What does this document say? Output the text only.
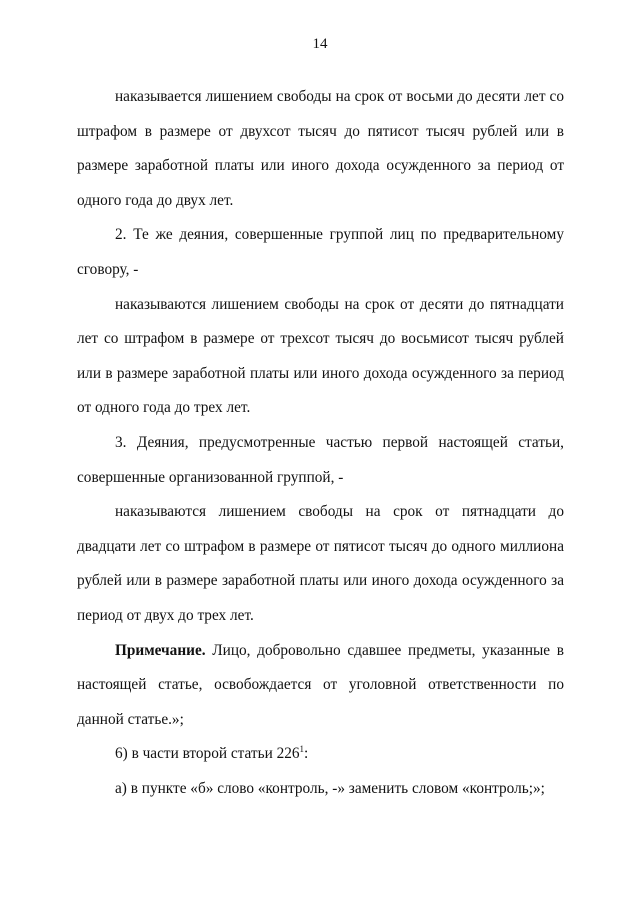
14

наказывается лишением свободы на срок от восьми до десяти лет со штрафом в размере от двухсот тысяч до пятисот тысяч рублей или в размере заработной платы или иного дохода осужденного за период от одного года до двух лет.

2. Те же деяния, совершенные группой лиц по предварительному сговору, -

наказываются лишением свободы на срок от десяти до пятнадцати лет со штрафом в размере от трехсот тысяч до восьмисот тысяч рублей или в размере заработной платы или иного дохода осужденного за период от одного года до трех лет.

3. Деяния, предусмотренные частью первой настоящей статьи, совершенные организованной группой, -

наказываются лишением свободы на срок от пятнадцати до двадцати лет со штрафом в размере от пятисот тысяч до одного миллиона рублей или в размере заработной платы или иного дохода осужденного за период от двух до трех лет.

Примечание. Лицо, добровольно сдавшее предметы, указанные в настоящей статье, освобождается от уголовной ответственности по данной статье.»;

6) в части второй статьи $226^1$:

а) в пункте «б» слово «контроль, -» заменить словом «контроль;»;
